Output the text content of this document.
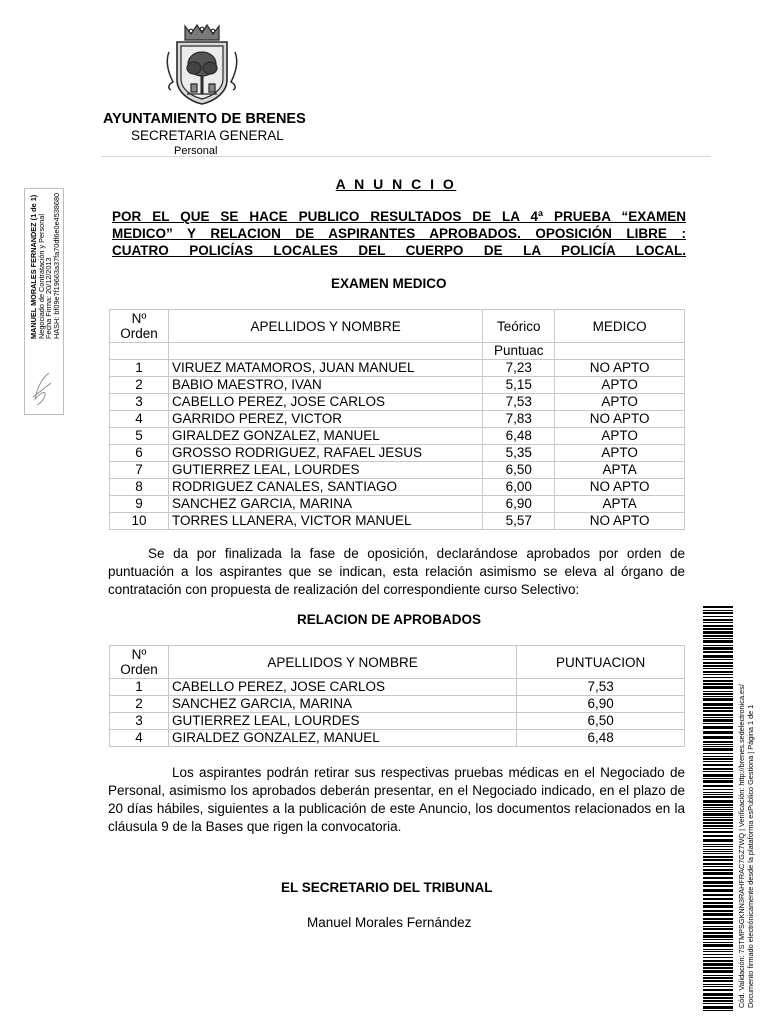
AYUNTAMIENTO DE BRENES
SECRETARIA GENERAL
Personal
A N U N C I O
POR EL QUE SE HACE PUBLICO RESULTADOS DE LA 4ª PRUEBA “EXAMEN
MEDICO” Y RELACION DE ASPIRANTES APROBADOS. OPOSICIÓN LIBRE :
CUATRO POLICÍAS LOCALES DEL CUERPO DE LA POLICÍA LOCAL.
EXAMEN MEDICO
Nº
Orden	APELLIDOS Y NOMBRE	Teórico	MEDICO
		Puntuac	
1	VIRUEZ MATAMOROS, JUAN MANUEL	7,23	NO APTO
2	BABIO MAESTRO, IVAN	5,15	APTO
3	CABELLO PEREZ, JOSE CARLOS	7,53	APTO
4	GARRIDO PEREZ, VICTOR	7,83	NO APTO
5	GIRALDEZ GONZALEZ, MANUEL	6,48	APTO
6	GROSSO RODRIGUEZ, RAFAEL JESUS	5,35	APTO
7	GUTIERREZ LEAL, LOURDES	6,50	APTA
8	RODRIGUEZ CANALES, SANTIAGO	6,00	NO APTO
9	SANCHEZ GARCIA, MARINA	6,90	APTA
10	TORRES LLANERA, VICTOR MANUEL	5,57	NO APTO
Se da por finalizada la fase de oposición, declarándose aprobados por orden de puntuación a los aspirantes que se indican, esta relación asimismo se eleva al órgano de contratación con propuesta de realización del correspondiente curso Selectivo:
RELACION DE APROBADOS
Nº
Orden	APELLIDOS Y NOMBRE	PUNTUACION
1	CABELLO PEREZ, JOSE CARLOS	7,53
2	SANCHEZ GARCIA, MARINA	6,90
3	GUTIERREZ LEAL, LOURDES	6,50
4	GIRALDEZ GONZALEZ, MANUEL	6,48
Los aspirantes podrán retirar sus respectivas pruebas médicas en el Negociado de Personal, asimismo los aprobados deberán presentar, en el Negociado indicado, en el plazo de 20 días hábiles, siguientes a la publicación de este Anuncio, los documentos relacionados en la cláusula 9 de la Bases que rigen la convocatoria.
EL SECRETARIO DEL TRIBUNAL
Manuel Morales Fernández
MANUEL MORALES FERNANDEZ (1 de 1) Negociado de Contratación y Personal
Fecha Firma: 20/12/2013 HASH: bf09e7f19663a37fa70df6e0e4538680
Cód. Validación: 7STMPSGKNN3RAHFRAC7GZ7WQ | Verificación: http://brenes.sedelectronica.es/ Documento firmado electrónicamente desde la plataforma esPublico Gestiona | Página 1 de 1
